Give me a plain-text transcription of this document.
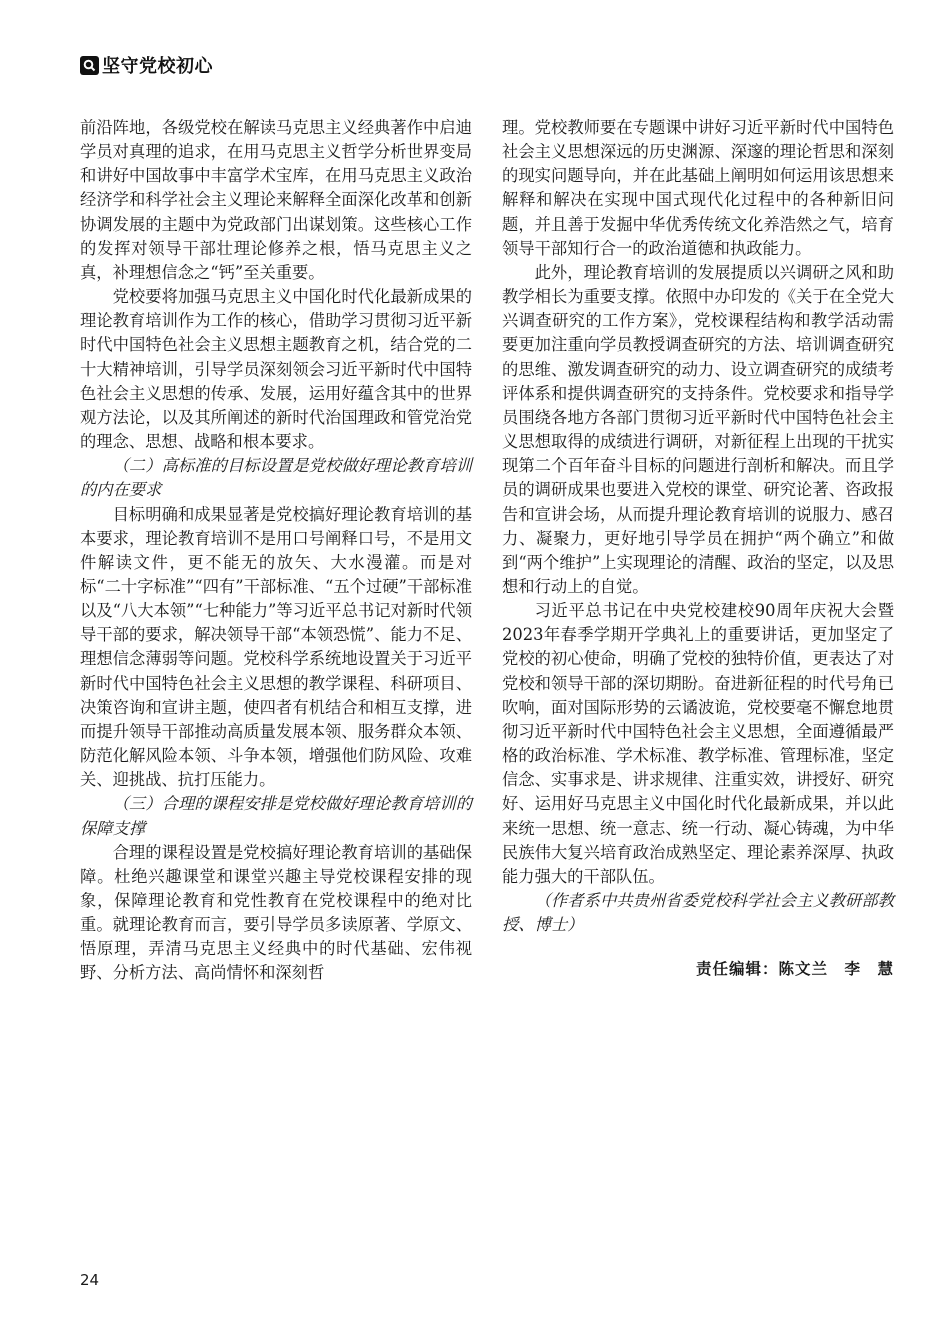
坚守党校初心

前沿阵地，各级党校在解读马克思主义经典著作中启迪学员对真理的追求，在用马克思主义哲学分析世界变局和讲好中国故事中丰富学术宝库，在用马克思主义政治经济学和科学社会主义理论来解释全面深化改革和创新协调发展的主题中为党政部门出谋划策。这些核心工作的发挥对领导干部壮理论修养之根，悟马克思主义之真，补理想信念之“钙”至关重要。

党校要将加强马克思主义中国化时代化最新成果的理论教育培训作为工作的核心，借助学习贯彻习近平新时代中国特色社会主义思想主题教育之机，结合党的二十大精神培训，引导学员深刻领会习近平新时代中国特色社会主义思想的传承、发展，运用好蕴含其中的世界观方法论，以及其所阐述的新时代治国理政和管党治党的理念、思想、战略和根本要求。

（二）高标准的目标设置是党校做好理论教育培训的内在要求

目标明确和成果显著是党校搞好理论教育培训的基本要求，理论教育培训不是用口号阐释口号，不是用文件解读文件，更不能无的放矢、大水漫灌。而是对标“二十字标准”“四有”干部标准、“五个过硬”干部标准以及“八大本领”“七种能力”等习近平总书记对新时代领导干部的要求，解决领导干部“本领恐慌”、能力不足、理想信念薄弱等问题。党校科学系统地设置关于习近平新时代中国特色社会主义思想的教学课程、科研项目、决策咨询和宣讲主题，使四者有机结合和相互支撑，进而提升领导干部推动高质量发展本领、服务群众本领、防范化解风险本领、斗争本领，增强他们防风险、攻难关、迎挑战、抗打压能力。

（三）合理的课程安排是党校做好理论教育培训的保障支撑

合理的课程设置是党校搞好理论教育培训的基础保障。杜绝兴趣课堂和课堂兴趣主导党校课程安排的现象，保障理论教育和党性教育在党校课程中的绝对比重。就理论教育而言，要引导学员多读原著、学原文、悟原理，弄清马克思主义经典中的时代基础、宏伟视野、分析方法、高尚情怀和深刻哲

理。党校教师要在专题课中讲好习近平新时代中国特色社会主义思想深远的历史渊源、深邃的理论哲思和深刻的现实问题导向，并在此基础上阐明如何运用该思想来解释和解决在实现中国式现代化过程中的各种新旧问题，并且善于发掘中华优秀传统文化养浩然之气，培育领导干部知行合一的政治道德和执政能力。

此外，理论教育培训的发展提质以兴调研之风和助教学相长为重要支撑。依照中办印发的《关于在全党大兴调查研究的工作方案》，党校课程结构和教学活动需要更加注重向学员教授调查研究的方法、培训调查研究的思维、激发调查研究的动力、设立调查研究的成绩考评体系和提供调查研究的支持条件。党校要求和指导学员围绕各地方各部门贯彻习近平新时代中国特色社会主义思想取得的成绩进行调研，对新征程上出现的干扰实现第二个百年奋斗目标的问题进行剖析和解决。而且学员的调研成果也要进入党校的课堂、研究论著、咨政报告和宣讲会场，从而提升理论教育培训的说服力、感召力、凝聚力，更好地引导学员在拥护“两个确立”和做到“两个维护”上实现理论的清醒、政治的坚定，以及思想和行动上的自觉。

习近平总书记在中央党校建校90周年庆祝大会暨2023年春季学期开学典礼上的重要讲话，更加坚定了党校的初心使命，明确了党校的独特价值，更表达了对党校和领导干部的深切期盼。奋进新征程的时代号角已吹响，面对国际形势的云谲波诡，党校要毫不懈怠地贯彻习近平新时代中国特色社会主义思想，全面遵循最严格的政治标准、学术标准、教学标准、管理标准，坚定信念、实事求是、讲求规律、注重实效，讲授好、研究好、运用好马克思主义中国化时代化最新成果，并以此来统一思想、统一意志、统一行动、凝心铸魂，为中华民族伟大复兴培育政治成熟坚定、理论素养深厚、执政能力强大的干部队伍。

（作者系中共贵州省委党校科学社会主义教研部教授、博士）

责任编辑：陈文兰　李　慧
24
